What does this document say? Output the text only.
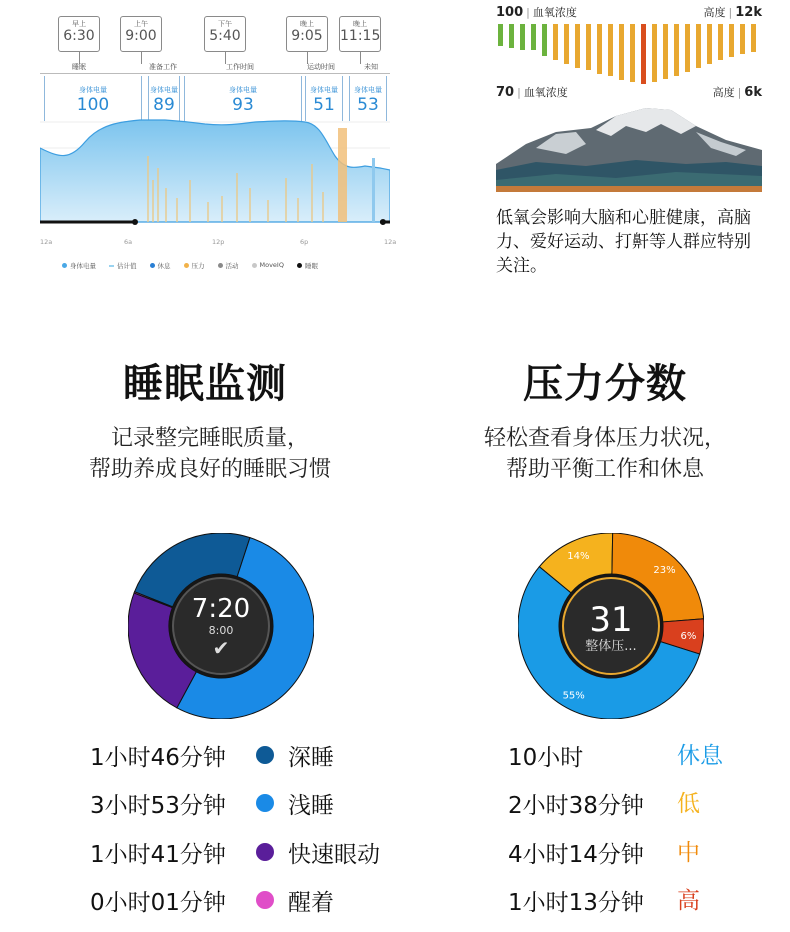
早上
6:30
睡眠
上午
9:00
准备工作
下午
5:40
工作时间
晚上
9:05
运动时间
晚上
11:15
未知
身体电量
100
身体电量
89
身体电量
93
身体电量
51
身体电量
53
12a	6a	12p	6p	12a
身体电量	估计值	休息	压力	活动	MoveIQ	睡眠
100 | 血氧浓度	高度 | 12k
70 | 血氧浓度	高度 | 6k
低氧会影响大脑和心脏健康，高脑力、爱好运动、打鼾等人群应特别关注。
睡眠监测
记录整完睡眠质量，
帮助养成良好的睡眠习惯
7:20
8:00
✔
1小时46分钟	深睡
3小时53分钟	浅睡
1小时41分钟	快速眼动
0小时01分钟	醒着
压力分数
轻松查看身体压力状况，
帮助平衡工作和休息
14%
23%
6%
55%
31
整体压...
10小时	休息
2小时38分钟 低
4小时14分钟 中
1小时13分钟 高
